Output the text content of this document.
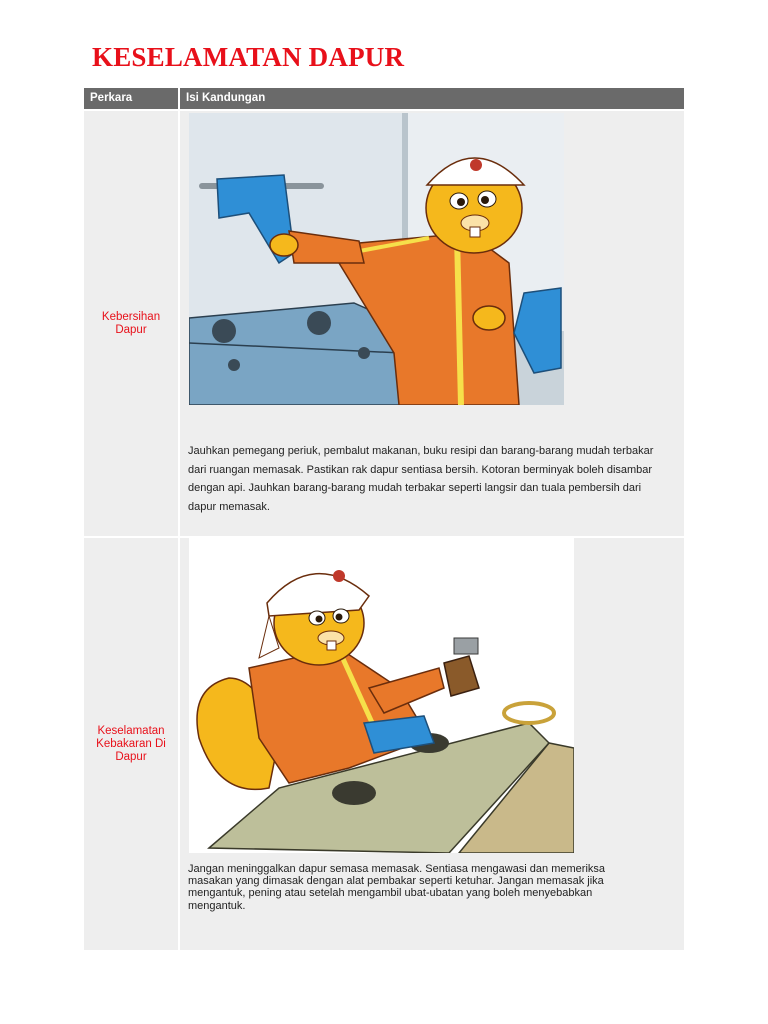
KESELAMATAN DAPUR
Perkara	Isi Kandungan
Kebersihan Dapur
Jauhkan pemegang periuk, pembalut makanan, buku resipi dan barang-barang mudah terbakar dari ruangan memasak. Pastikan rak dapur sentiasa bersih. Kotoran berminyak boleh disambar dengan api. Jauhkan barang-barang mudah terbakar seperti langsir dan tuala pembersih dari dapur memasak.
Keselamatan Kebakaran Di Dapur
Jangan meninggalkan dapur semasa memasak. Sentiasa mengawasi dan memeriksa masakan yang dimasak dengan alat pembakar seperti ketuhar. Jangan memasak jika mengantuk, pening atau setelah mengambil ubat-ubatan yang boleh menyebabkan mengantuk.
